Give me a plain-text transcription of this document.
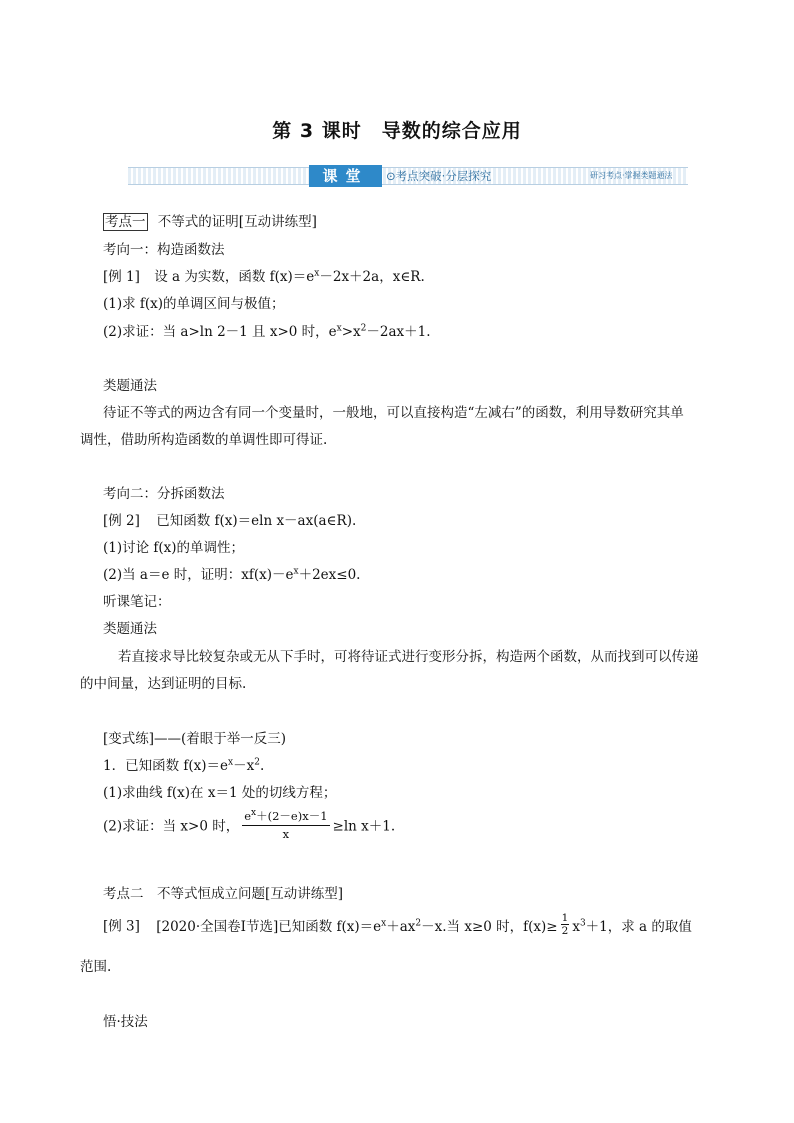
第 3 课时　导数的综合应用
课堂	⊙考点突破·分层探究	研习考点·掌握类题通法
考点一 不等式的证明[互动讲练型]
考向一：构造函数法
[例 1] 设 a 为实数，函数 $f(x)=e^x-2x+2a$，x∈R.
(1)求 f(x)的单调区间与极值；
(2)求证：当 a>ln 2－1 且 x>0 时，$e^x>x^2-2ax+1$.
类题通法
待证不等式的两边含有同一个变量时，一般地，可以直接构造“左减右”的函数，利用导数研究其单
调性，借助所构造函数的单调性即可得证.
考向二：分拆函数法
[例 2] 已知函数 f(x)＝eln x－ax(a∈R).
(1)讨论 f(x)的单调性；
(2)当 a＝e 时，证明：$xf(x)-e^x+2ex\le 0$.
听课笔记：
类题通法
若直接求导比较复杂或无从下手时，可将待证式进行变形分拆，构造两个函数，从而找到可以传递
的中间量，达到证明的目标.
[变式练]——(着眼于举一反三)
1．已知函数 $f(x)=e^x-x^2$.
(1)求曲线 f(x)在 x＝1 处的切线方程；
(2)求证：当 x>0 时， $\frac{e^x+(2-e)x-1}{x} \ge\ln$ x＋1.
考点二　不等式恒成立问题[互动讲练型]
[例 3] [2020·全国卷Ⅰ节选]已知函数 $f(x)=e^x+ax^2-x$.当 x≥0 时，$f(x)\ge \frac{1}{2} x^3+1$，求 a 的取值
范围.
悟·技法
